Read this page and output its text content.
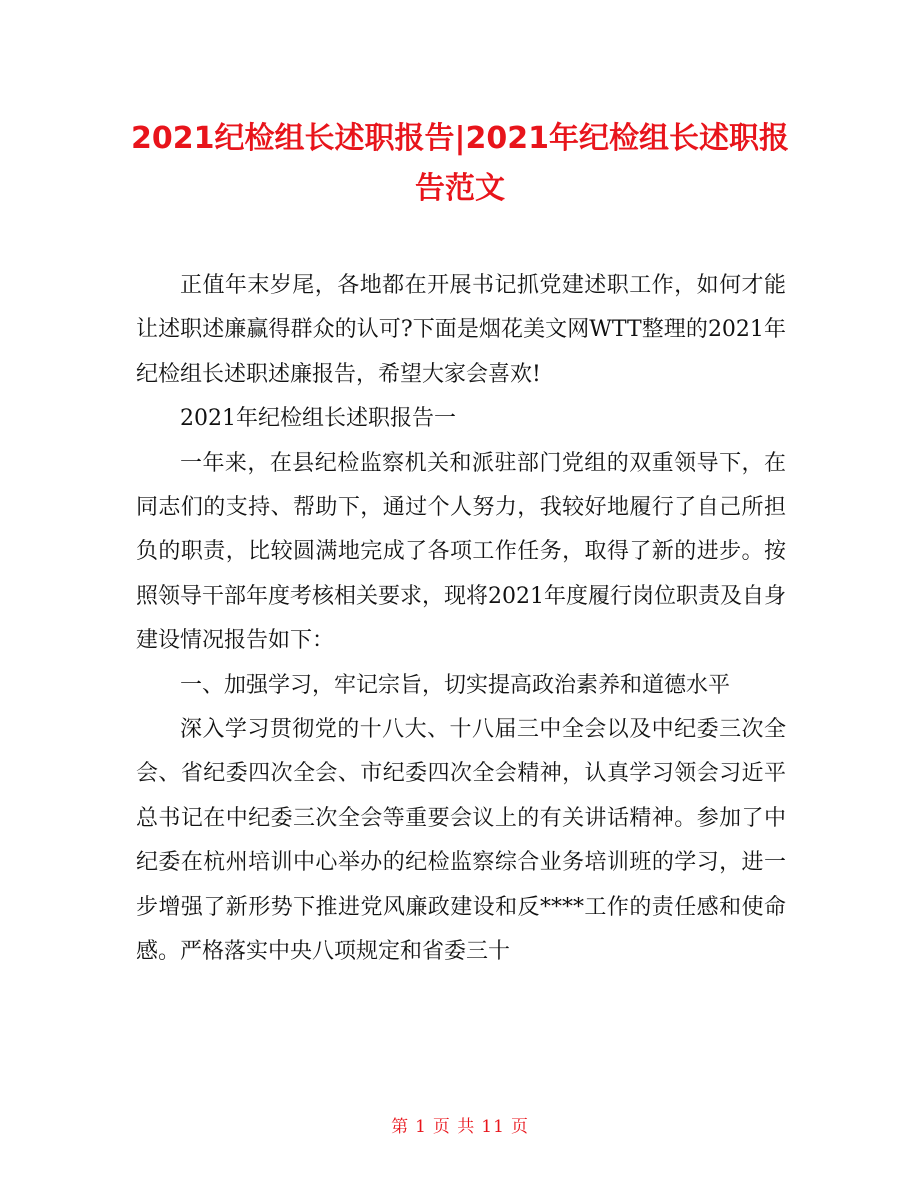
2021纪检组长述职报告|2021年纪检组长述职报告范文

正值年末岁尾，各地都在开展书记抓党建述职工作，如何才能让述职述廉赢得群众的认可?下面是烟花美文网WTT整理的2021年纪检组长述职述廉报告，希望大家会喜欢!

2021年纪检组长述职报告一

一年来，在县纪检监察机关和派驻部门党组的双重领导下，在同志们的支持、帮助下，通过个人努力，我较好地履行了自己所担负的职责，比较圆满地完成了各项工作任务，取得了新的进步。按照领导干部年度考核相关要求，现将2021年度履行岗位职责及自身建设情况报告如下：

一、加强学习，牢记宗旨，切实提高政治素养和道德水平

深入学习贯彻党的十八大、十八届三中全会以及中纪委三次全会、省纪委四次全会、市纪委四次全会精神，认真学习领会习近平总书记在中纪委三次全会等重要会议上的有关讲话精神。参加了中纪委在杭州培训中心举办的纪检监察综合业务培训班的学习，进一步增强了新形势下推进党风廉政建设和反****工作的责任感和使命感。严格落实中央八项规定和省委三十

第 1 页 共 11 页
